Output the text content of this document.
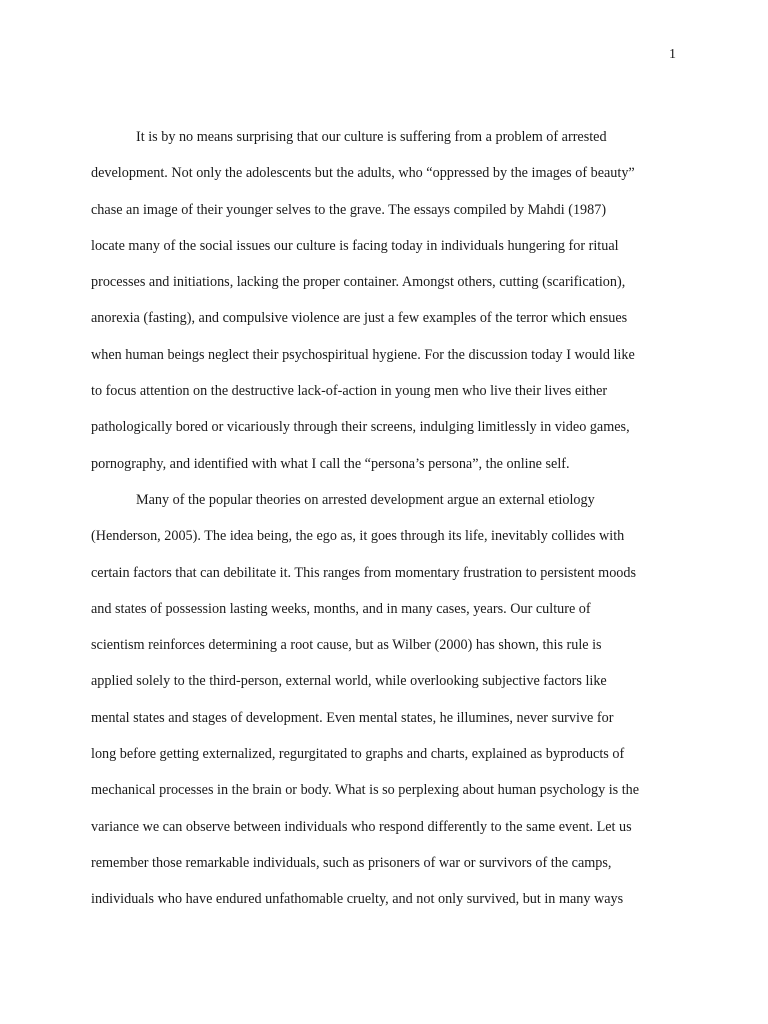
1
It is by no means surprising that our culture is suffering from a problem of arrested
development. Not only the adolescents but the adults, who “oppressed by the images of beauty”
chase an image of their younger selves to the grave. The essays compiled by Mahdi (1987)
locate many of the social issues our culture is facing today in individuals hungering for ritual
processes and initiations, lacking the proper container. Amongst others, cutting (scarification),
anorexia (fasting), and compulsive violence are just a few examples of the terror which ensues
when human beings neglect their psychospiritual hygiene. For the discussion today I would like
to focus attention on the destructive lack-of-action in young men who live their lives either
pathologically bored or vicariously through their screens, indulging limitlessly in video games,
pornography, and identified with what I call the “persona’s persona”, the online self.
Many of the popular theories on arrested development argue an external etiology
(Henderson, 2005). The idea being, the ego as, it goes through its life, inevitably collides with
certain factors that can debilitate it. This ranges from momentary frustration to persistent moods
and states of possession lasting weeks, months, and in many cases, years. Our culture of
scientism reinforces determining a root cause, but as Wilber (2000) has shown, this rule is
applied solely to the third-person, external world, while overlooking subjective factors like
mental states and stages of development. Even mental states, he illumines, never survive for
long before getting externalized, regurgitated to graphs and charts, explained as byproducts of
mechanical processes in the brain or body. What is so perplexing about human psychology is the
variance we can observe between individuals who respond differently to the same event. Let us
remember those remarkable individuals, such as prisoners of war or survivors of the camps,
individuals who have endured unfathomable cruelty, and not only survived, but in many ways
